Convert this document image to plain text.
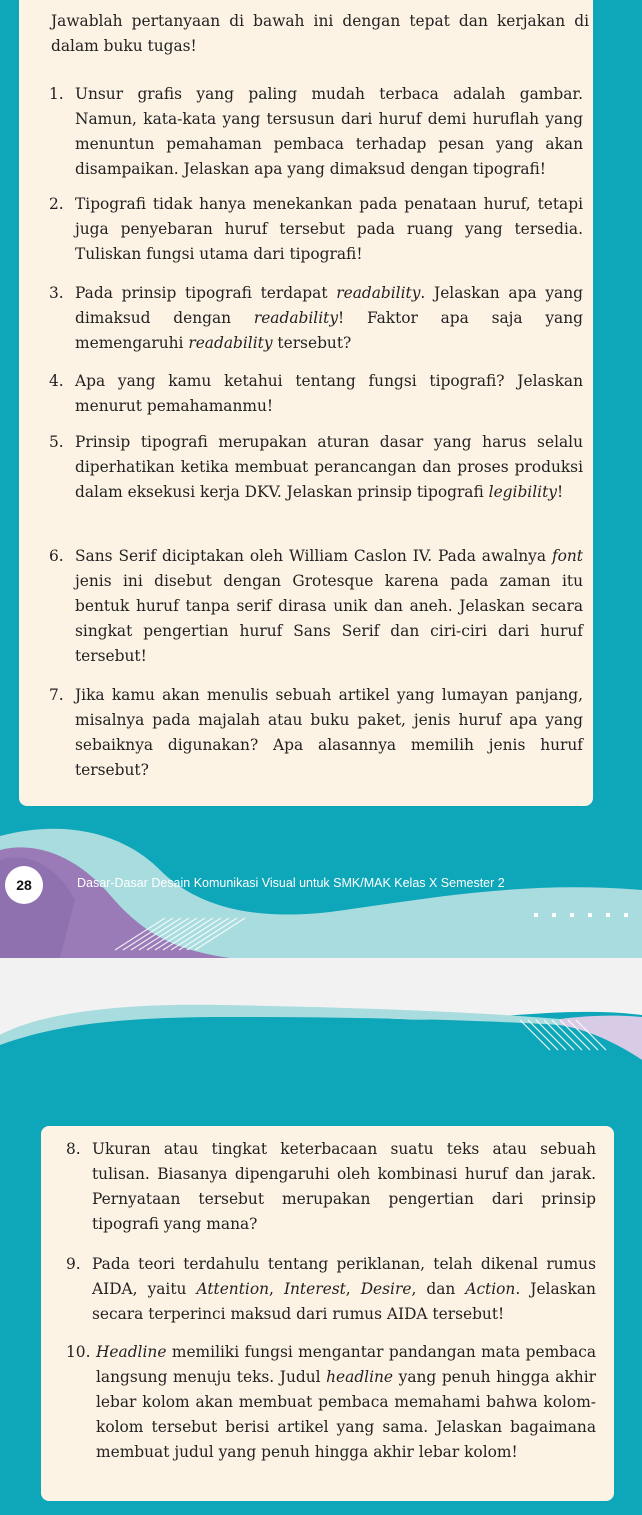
Jawablah pertanyaan di bawah ini dengan tepat dan kerjakan di dalam buku tugas!

1. Unsur grafis yang paling mudah terbaca adalah gambar. Namun, kata-kata yang tersusun dari huruf demi huruflah yang menuntun pemahaman pembaca terhadap pesan yang akan disampaikan. Jelaskan apa yang dimaksud dengan tipografi!
2. Tipografi tidak hanya menekankan pada penataan huruf, tetapi juga penyebaran huruf tersebut pada ruang yang tersedia. Tuliskan fungsi utama dari tipografi!
3. Pada prinsip tipografi terdapat readability. Jelaskan apa yang dimaksud dengan readability! Faktor apa saja yang memengaruhi readability tersebut?
4. Apa yang kamu ketahui tentang fungsi tipografi? Jelaskan menurut pemahamanmu!
5. Prinsip tipografi merupakan aturan dasar yang harus selalu diperhatikan ketika membuat perancangan dan proses produksi dalam eksekusi kerja DKV. Jelaskan prinsip tipografi legibility!
6. Sans Serif diciptakan oleh William Caslon IV. Pada awalnya font jenis ini disebut dengan Grotesque karena pada zaman itu bentuk huruf tanpa serif dirasa unik dan aneh. Jelaskan secara singkat pengertian huruf Sans Serif dan ciri-ciri dari huruf tersebut!
7. Jika kamu akan menulis sebuah artikel yang lumayan panjang, misalnya pada majalah atau buku paket, jenis huruf apa yang sebaiknya digunakan? Apa alasannya memilih jenis huruf tersebut?
28	Dasar-Dasar Desain Komunikasi Visual untuk SMK/MAK Kelas X Semester 2
8. Ukuran atau tingkat keterbacaan suatu teks atau sebuah tulisan. Biasanya dipengaruhi oleh kombinasi huruf dan jarak. Pernyataan tersebut merupakan pengertian dari prinsip tipografi yang mana?
9. Pada teori terdahulu tentang periklanan, telah dikenal rumus AIDA, yaitu Attention, Interest, Desire, dan Action. Jelaskan secara terperinci maksud dari rumus AIDA tersebut!
10. Headline memiliki fungsi mengantar pandangan mata pembaca langsung menuju teks. Judul headline yang penuh hingga akhir lebar kolom akan membuat pembaca memahami bahwa kolom-kolom tersebut berisi artikel yang sama. Jelaskan bagaimana membuat judul yang penuh hingga akhir lebar kolom!
